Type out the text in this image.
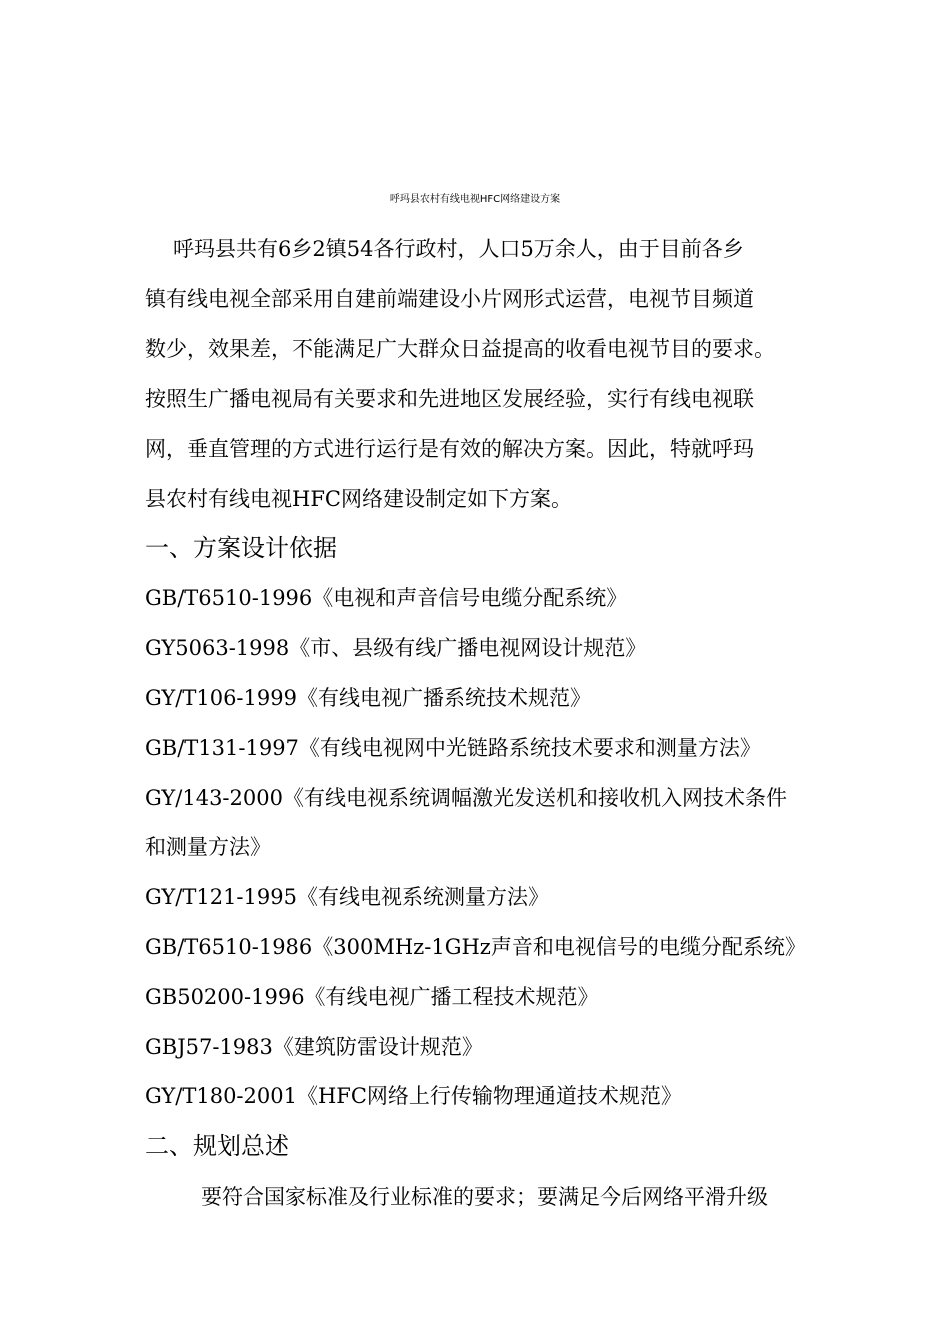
呼玛县农村有线电视HFC网络建设方案
呼玛县共有6乡2镇54各行政村，人口5万余人，由于目前各乡
镇有线电视全部采用自建前端建设小片网形式运营，电视节目频道
数少，效果差，不能满足广大群众日益提高的收看电视节目的要求。
按照生广播电视局有关要求和先进地区发展经验，实行有线电视联
网，垂直管理的方式进行运行是有效的解决方案。因此，特就呼玛
县农村有线电视HFC网络建设制定如下方案。
一、方案设计依据
GB/T6510-1996《电视和声音信号电缆分配系统》
GY5063-1998《市、县级有线广播电视网设计规范》
GY/T106-1999《有线电视广播系统技术规范》
GB/T131-1997《有线电视网中光链路系统技术要求和测量方法》
GY/143-2000《有线电视系统调幅激光发送机和接收机入网技术条件
和测量方法》
GY/T121-1995《有线电视系统测量方法》
GB/T6510-1986《300MHz-1GHz声音和电视信号的电缆分配系统》
GB50200-1996《有线电视广播工程技术规范》
GBJ57-1983《建筑防雷设计规范》
GY/T180-2001《HFC网络上行传输物理通道技术规范》
二、规划总述
要符合国家标准及行业标准的要求；要满足今后网络平滑升级
